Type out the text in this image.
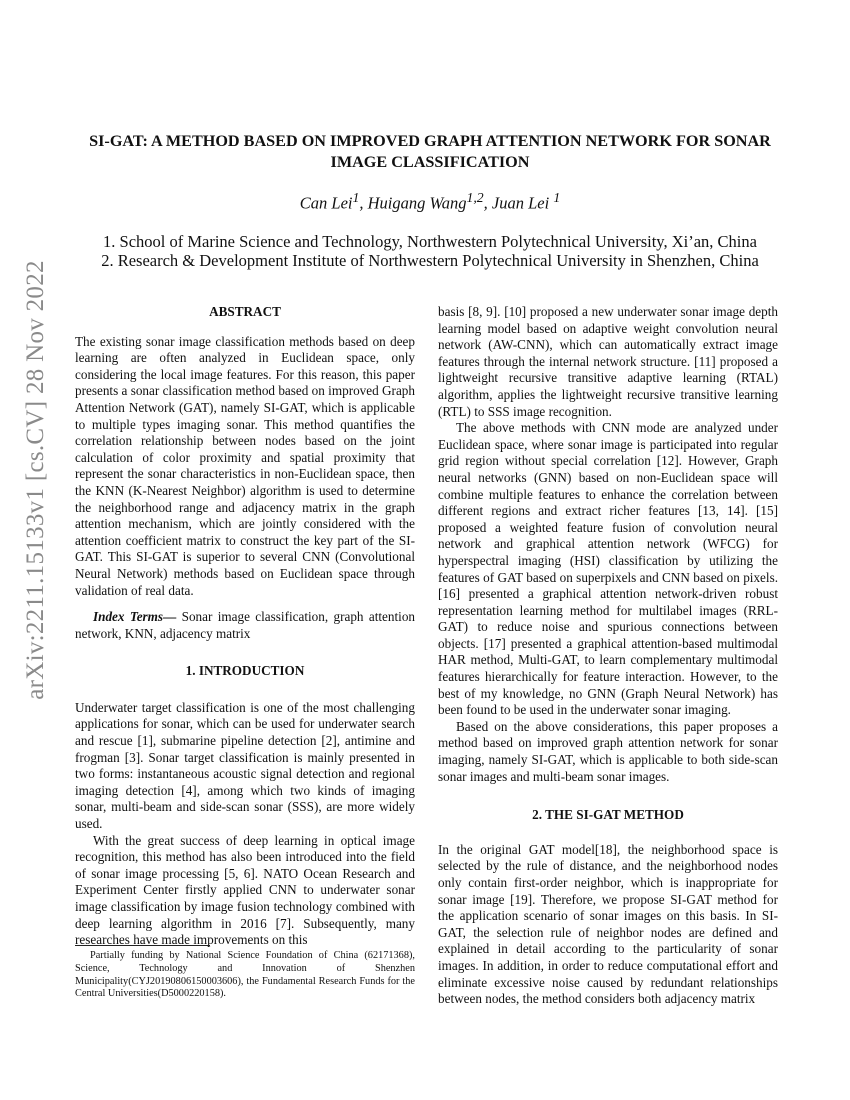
arXiv:2211.15133v1 [cs.CV] 28 Nov 2022
SI-GAT: A METHOD BASED ON IMPROVED GRAPH ATTENTION NETWORK FOR SONAR IMAGE CLASSIFICATION
Can Lei$^1$, Huigang Wang$^{1,2}$, Juan Lei $^1$
1. School of Marine Science and Technology, Northwestern Polytechnical University, Xi’an, China
2. Research & Development Institute of Northwestern Polytechnical University in Shenzhen, China

ABSTRACT

The existing sonar image classification methods based on deep learning are often analyzed in Euclidean space, only considering the local image features. For this reason, this paper presents a sonar classification method based on improved Graph Attention Network (GAT), namely SI-GAT, which is applicable to multiple types imaging sonar. This method quantifies the correlation relationship between nodes based on the joint calculation of color proximity and spatial proximity that represent the sonar characteristics in non-Euclidean space, then the KNN (K-Nearest Neighbor) algorithm is used to determine the neighborhood range and adjacency matrix in the graph attention mechanism, which are jointly considered with the attention coefficient matrix to construct the key part of the SI-GAT. This SI-GAT is superior to several CNN (Convolutional Neural Network) methods based on Euclidean space through validation of real data.

Index Terms— Sonar image classification, graph attention network, KNN, adjacency matrix

1. INTRODUCTION

Underwater target classification is one of the most challenging applications for sonar, which can be used for underwater search and rescue [1], submarine pipeline detection [2], antimine and frogman [3]. Sonar target classification is mainly presented in two forms: instantaneous acoustic signal detection and regional imaging detection [4], among which two kinds of imaging sonar, multi-beam and side-scan sonar (SSS), are more widely used.

With the great success of deep learning in optical image recognition, this method has also been introduced into the field of sonar image processing [5, 6]. NATO Ocean Research and Experiment Center firstly applied CNN to underwater sonar image classification by image fusion technology combined with deep learning algorithm in 2016 [7]. Subsequently, many researches have made improvements on this

Partially funding by National Science Foundation of China (62171368), Science, Technology and Innovation of Shenzhen Municipality(CYJ20190806150003606), the Fundamental Research Funds for the Central Universities(D5000220158).

basis [8, 9]. [10] proposed a new underwater sonar image depth learning model based on adaptive weight convolution neural network (AW-CNN), which can automatically extract image features through the internal network structure. [11] proposed a lightweight recursive transitive adaptive learning (RTAL) algorithm, applies the lightweight recursive transitive learning (RTL) to SSS image recognition.

The above methods with CNN mode are analyzed under Euclidean space, where sonar image is participated into regular grid region without special correlation [12]. However, Graph neural networks (GNN) based on non-Euclidean space will combine multiple features to enhance the correlation between different regions and extract richer features [13, 14]. [15] proposed a weighted feature fusion of convolution neural network and graphical attention network (WFCG) for hyperspectral imaging (HSI) classification by utilizing the features of GAT based on superpixels and CNN based on pixels. [16] presented a graphical attention network-driven robust representation learning method for multilabel images (RRL-GAT) to reduce noise and spurious connections between objects. [17] presented a graphical attention-based multimodal HAR method, Multi-GAT, to learn complementary multimodal features hierarchically for feature interaction. However, to the best of my knowledge, no GNN (Graph Neural Network) has been found to be used in the underwater sonar imaging.

Based on the above considerations, this paper proposes a method based on improved graph attention network for sonar imaging, namely SI-GAT, which is applicable to both side-scan sonar images and multi-beam sonar images.

2. THE SI-GAT METHOD

In the original GAT model[18], the neighborhood space is selected by the rule of distance, and the neighborhood nodes only contain first-order neighbor, which is inappropriate for sonar image [19]. Therefore, we propose SI-GAT method for the application scenario of sonar images on this basis. In SI-GAT, the selection rule of neighbor nodes are defined and explained in detail according to the particularity of sonar images. In addition, in order to reduce computational effort and eliminate excessive noise caused by redundant relationships between nodes, the method considers both adjacency matrix
